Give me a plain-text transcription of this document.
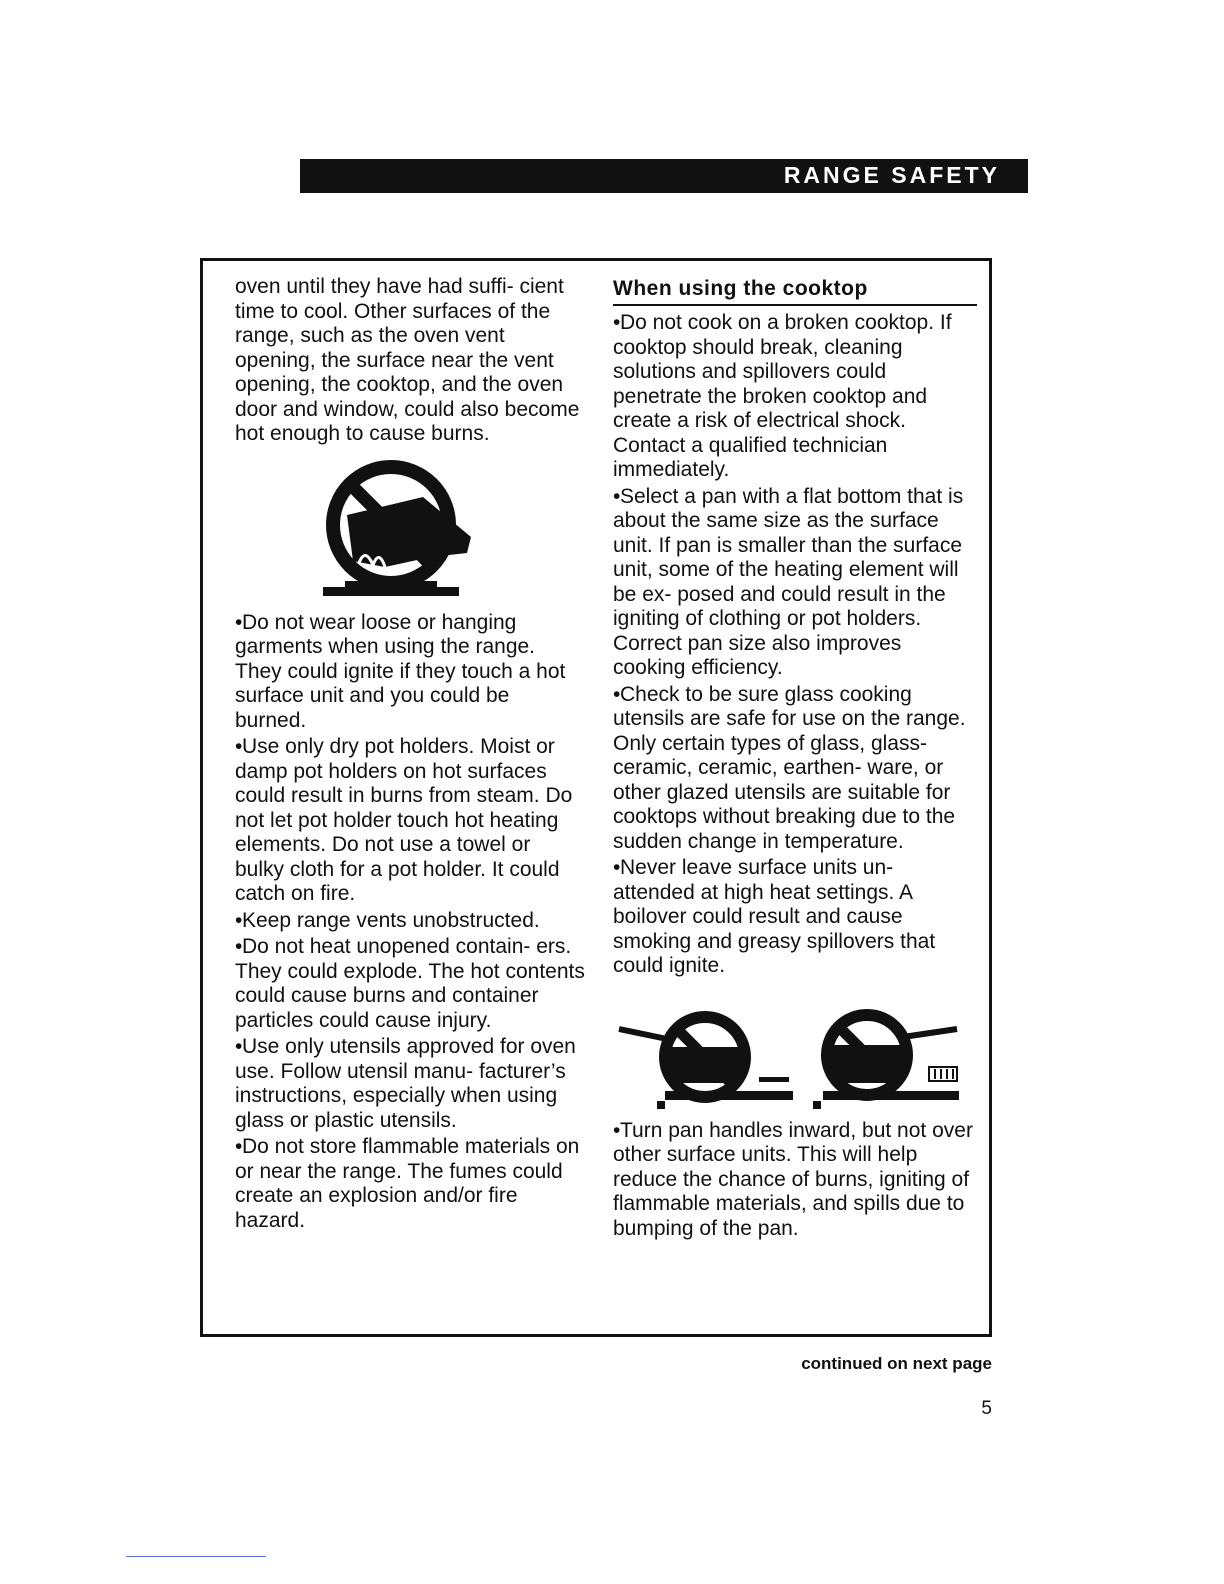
RANGE SAFETY

oven until they have had suffi- cient time to cool. Other surfaces of the range, such as the oven vent opening, the surface near the vent opening, the cooktop, and the oven door and window, could also become hot enough to cause burns.

•Do not wear loose or hanging garments when using the range. They could ignite if they touch a hot surface unit and you could be burned.
•Use only dry pot holders. Moist or damp pot holders on hot surfaces could result in burns from steam. Do not let pot holder touch hot heating elements. Do not use a towel or bulky cloth for a pot holder. It could catch on fire.
•Keep range vents unobstructed.
•Do not heat unopened contain- ers. They could explode. The hot contents could cause burns and container particles could cause injury.
•Use only utensils approved for oven use. Follow utensil manu- facturer’s instructions, especially when using glass or plastic utensils.
•Do not store flammable materials on or near the range. The fumes could create an explosion and/or fire hazard.
When using the cooktop
•Do not cook on a broken cooktop. If cooktop should break, cleaning solutions and spillovers could penetrate the broken cooktop and create a risk of electrical shock. Contact a qualified technician immediately.
•Select a pan with a flat bottom that is about the same size as the surface unit. If pan is smaller than the surface unit, some of the heating element will be ex- posed and could result in the igniting of clothing or pot holders. Correct pan size also improves cooking efficiency.
•Check to be sure glass cooking utensils are safe for use on the range. Only certain types of glass, glass-ceramic, ceramic, earthen- ware, or other glazed utensils are suitable for cooktops without breaking due to the sudden change in temperature.
•Never leave surface units un- attended at high heat settings. A boilover could result and cause smoking and greasy spillovers that could ignite.
•Turn pan handles inward, but not over other surface units. This will help reduce the chance of burns, igniting of flammable materials, and spills due to bumping of the pan.
continued on next page
5
